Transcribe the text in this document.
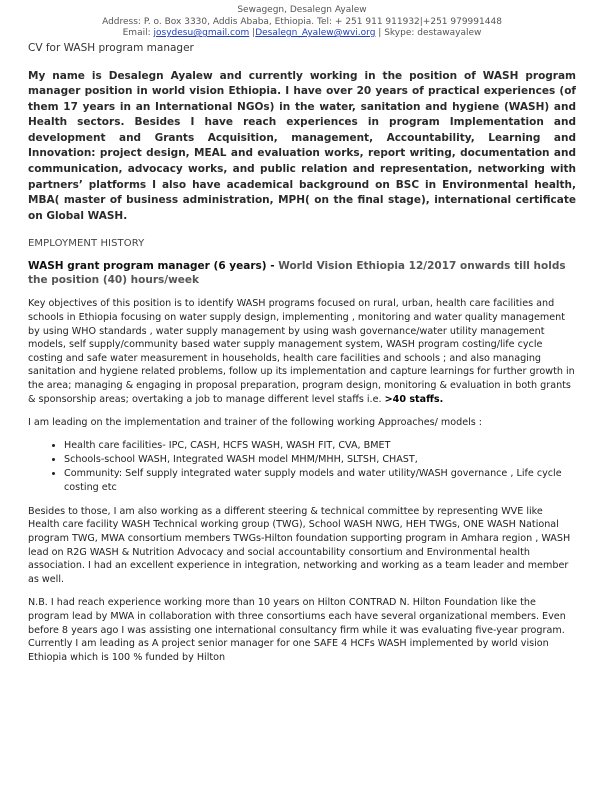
Sewagegn, Desalegn Ayalew
Address: P. o. Box 3330, Addis Ababa, Ethiopia. Tel: + 251 911 911932|+251 979991448
Email: josydesu@gmail.com |Desalegn_Ayalew@wvi.org | Skype: destawayalew
CV for WASH program manager
My name is Desalegn Ayalew and currently working in the position of WASH program manager position in world vision Ethiopia. I have over 20 years of practical experiences (of them 17 years in an International NGOs) in the water, sanitation and hygiene (WASH) and Health sectors. Besides I have reach experiences in program Implementation and development and Grants Acquisition, management, Accountability, Learning and Innovation: project design, MEAL and evaluation works, report writing, documentation and communication, advocacy works, and public relation and representation, networking with partners’ platforms I also have academical background on BSC in Environmental health, MBA( master of business administration, MPH( on the final stage), international certificate on Global WASH.
EMPLOYMENT HISTORY
WASH grant program manager (6 years) - World Vision Ethiopia 12/2017 onwards till holds the position (40) hours/week
Key objectives of this position is to identify WASH programs focused on rural, urban, health care facilities and schools in Ethiopia focusing on water supply design, implementing , monitoring and water quality management by using WHO standards , water supply management by using wash governance/water utility management models, self supply/community based water supply management system, WASH program costing/life cycle costing and safe water measurement in households, health care facilities and schools ; and also managing sanitation and hygiene related problems, follow up its implementation and capture learnings for further growth in the area; managing & engaging in proposal preparation, program design, monitoring & evaluation in both grants & sponsorship areas; overtaking a job to manage different level staffs i.e. >40 staffs.
I am leading on the implementation and trainer of the following working Approaches/ models :
• Health care facilities- IPC, CASH, HCFS WASH, WASH FIT, CVA, BMET
• Schools-school WASH, Integrated WASH model MHM/MHH, SLTSH, CHAST,
• Community: Self supply integrated water supply models and water utility/WASH governance , Life cycle costing etc
Besides to those, I am also working as a different steering & technical committee by representing WVE like Health care facility WASH Technical working group (TWG), School WASH NWG, HEH TWGs, ONE WASH National program TWG, MWA consortium members TWGs-Hilton foundation supporting program in Amhara region , WASH lead on R2G WASH & Nutrition Advocacy and social accountability consortium and Environmental health association. I had an excellent experience in integration, networking and working as a team leader and member as well.
N.B. I had reach experience working more than 10 years on Hilton CONTRAD N. Hilton Foundation like the program lead by MWA in collaboration with three consortiums each have several organizational members. Even before 8 years ago I was assisting one international consultancy firm while it was evaluating five-year program. Currently I am leading as A project senior manager for one SAFE 4 HCFs WASH implemented by world vision Ethiopia which is 100 % funded by Hilton
